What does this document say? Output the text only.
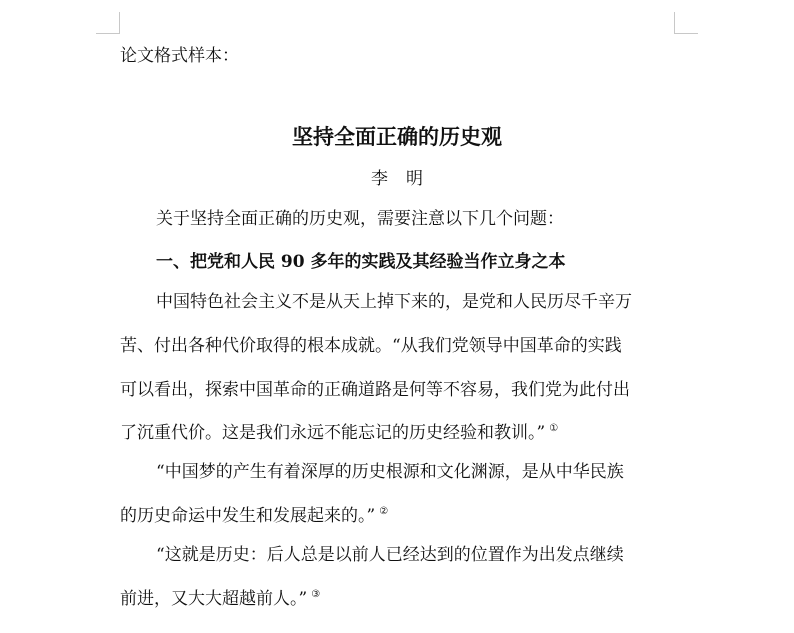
论文格式样本：
坚持全面正确的历史观
李明
关于坚持全面正确的历史观，需要注意以下几个问题：
一、把党和人民 90 多年的实践及其经验当作立身之本
中国特色社会主义不是从天上掉下来的，是党和人民历尽千辛万
苦、付出各种代价取得的根本成就。“从我们党领导中国革命的实践
可以看出，探索中国革命的正确道路是何等不容易，我们党为此付出
了沉重代价。这是我们永远不能忘记的历史经验和教训。” ①
“中国梦的产生有着深厚的历史根源和文化渊源，是从中华民族
的历史命运中发生和发展起来的。” ②
“这就是历史：后人总是以前人已经达到的位置作为出发点继续
前进，又大大超越前人。” ③
